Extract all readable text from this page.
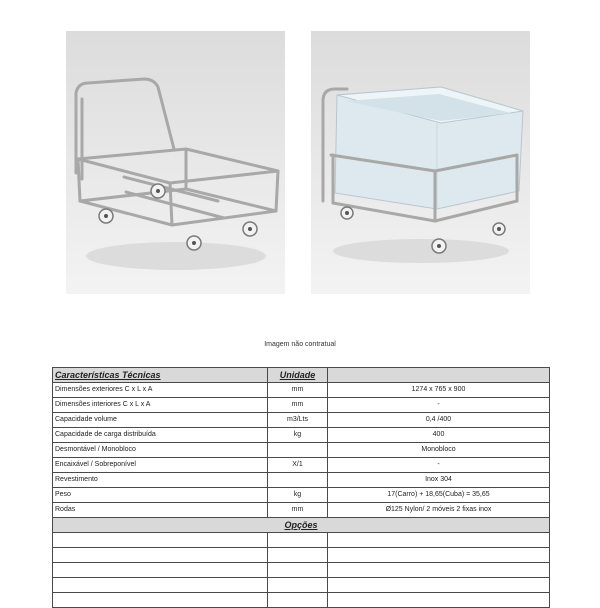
Imagem não contratual
Características Técnicas	Unidade	
Dimensões exteriores C x L x A	mm	1274 x 765 x 900
Dimensões interiores C x L x A	mm	-
Capacidade volume	m3/Lts	0,4 /400
Capacidade de carga distribuída	kg	400
Desmontável / Monobloco		Monobloco
Encaixável / Sobreponível	X/1	-
Revestimento		Inox 304
Peso	kg	17(Carro) + 18,65(Cuba) = 35,65
Rodas	mm	Ø125 Nylon/ 2 móveis 2 fixas inox
Opções		
